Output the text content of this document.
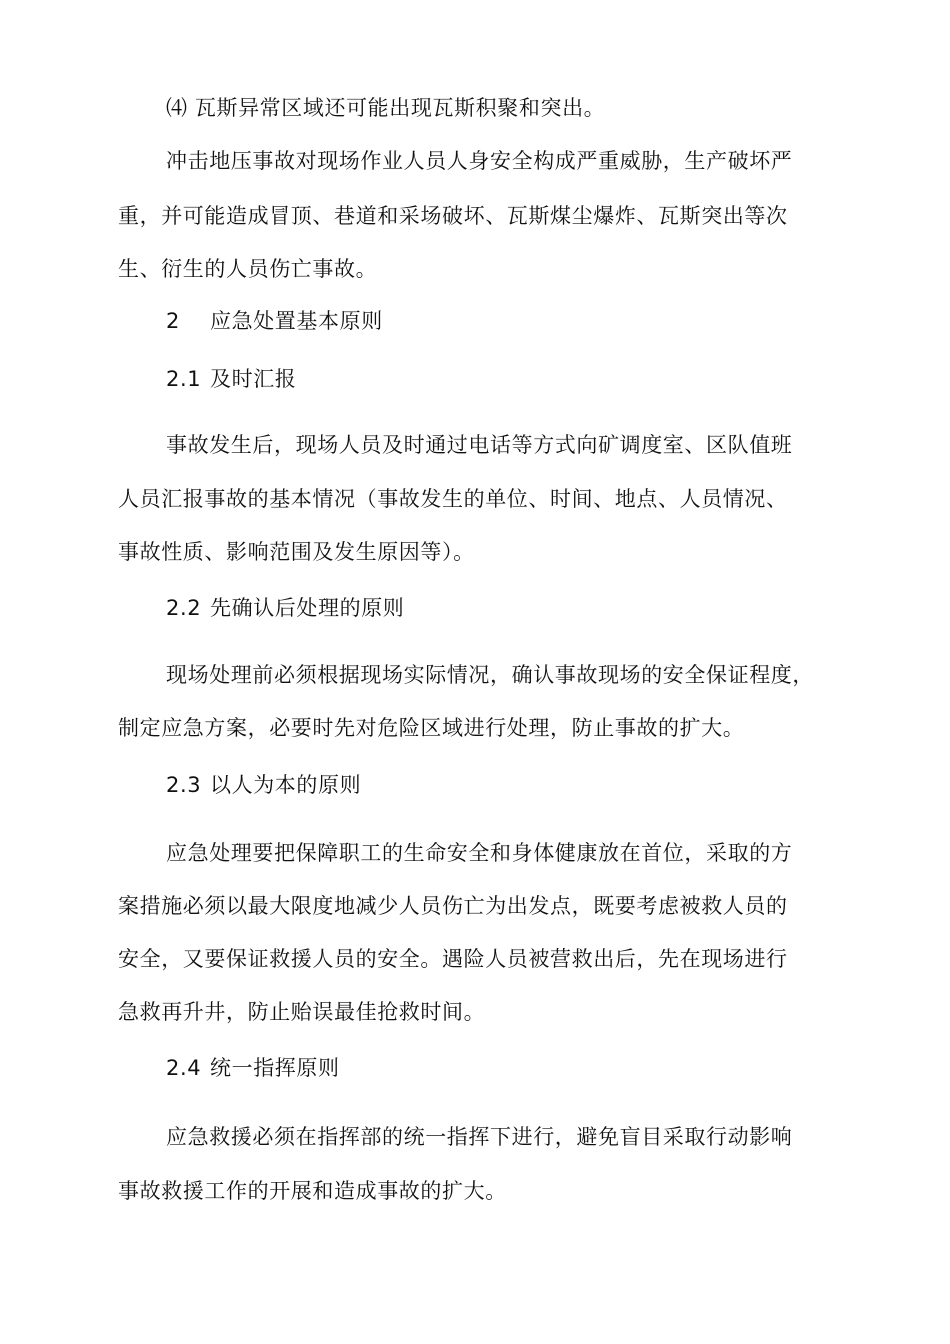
⑷ 瓦斯异常区域还可能出现瓦斯积聚和突出。
冲击地压事故对现场作业人员人身安全构成严重威胁，生产破坏严
重，并可能造成冒顶、巷道和采场破坏、瓦斯煤尘爆炸、瓦斯突出等次
生、衍生的人员伤亡事故。
2 应急处置基本原则
2.1 及时汇报
事故发生后，现场人员及时通过电话等方式向矿调度室、区队值班
人员汇报事故的基本情况（事故发生的单位、时间、地点、人员情况、
事故性质、影响范围及发生原因等）。
2.2 先确认后处理的原则
现场处理前必须根据现场实际情况，确认事故现场的安全保证程度，
制定应急方案，必要时先对危险区域进行处理，防止事故的扩大。
2.3 以人为本的原则
应急处理要把保障职工的生命安全和身体健康放在首位，采取的方
案措施必须以最大限度地减少人员伤亡为出发点，既要考虑被救人员的
安全，又要保证救援人员的安全。遇险人员被营救出后，先在现场进行
急救再升井，防止贻误最佳抢救时间。
2.4 统一指挥原则
应急救援必须在指挥部的统一指挥下进行，避免盲目采取行动影响
事故救援工作的开展和造成事故的扩大。
